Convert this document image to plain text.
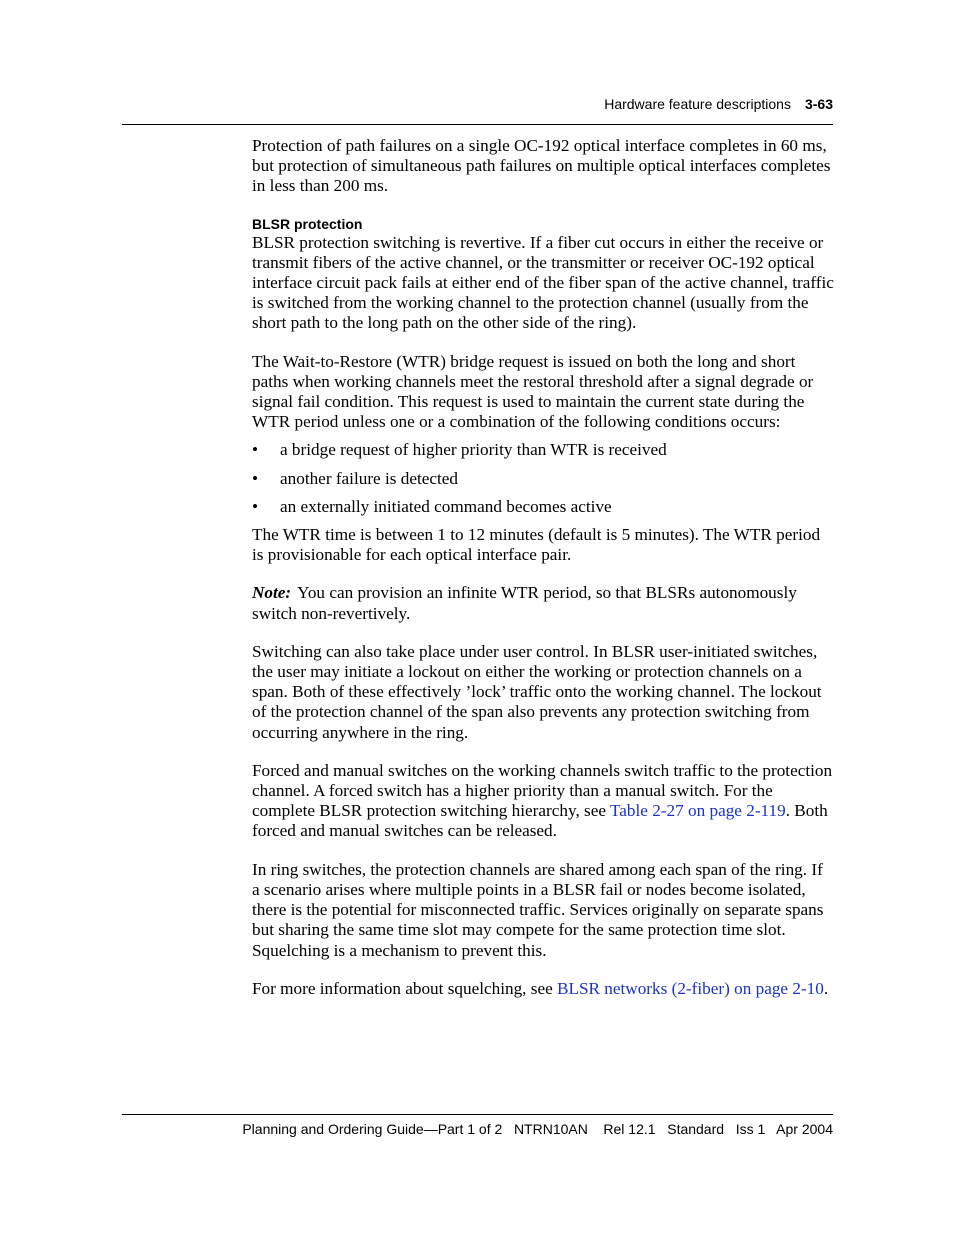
Hardware feature descriptions 3-63

Protection of path failures on a single OC-192 optical interface completes in 60 ms, but protection of simultaneous path failures on multiple optical interfaces completes in less than 200 ms.

BLSR protection

BLSR protection switching is revertive. If a fiber cut occurs in either the receive or transmit fibers of the active channel, or the transmitter or receiver OC-192 optical interface circuit pack fails at either end of the fiber span of the active channel, traffic is switched from the working channel to the protection channel (usually from the short path to the long path on the other side of the ring).

The Wait-to-Restore (WTR) bridge request is issued on both the long and short paths when working channels meet the restoral threshold after a signal degrade or signal fail condition. This request is used to maintain the current state during the WTR period unless one or a combination of the following conditions occurs:

• a bridge request of higher priority than WTR is received
• another failure is detected
• an externally initiated command becomes active

The WTR time is between 1 to 12 minutes (default is 5 minutes). The WTR period is provisionable for each optical interface pair.

Note: You can provision an infinite WTR period, so that BLSRs autonomously switch non-revertively.

Switching can also take place under user control. In BLSR user-initiated switches, the user may initiate a lockout on either the working or protection channels on a span. Both of these effectively ’lock’ traffic onto the working channel. The lockout of the protection channel of the span also prevents any protection switching from occurring anywhere in the ring.

Forced and manual switches on the working channels switch traffic to the protection channel. A forced switch has a higher priority than a manual switch. For the complete BLSR protection switching hierarchy, see Table 2-27 on page 2-119. Both forced and manual switches can be released.

In ring switches, the protection channels are shared among each span of the ring. If a scenario arises where multiple points in a BLSR fail or nodes become isolated, there is the potential for misconnected traffic. Services originally on separate spans but sharing the same time slot may compete for the same protection time slot. Squelching is a mechanism to prevent this.

For more information about squelching, see BLSR networks (2-fiber) on page 2-10.

Planning and Ordering Guide—Part 1 of 2   NTRN10AN    Rel 12.1   Standard   Iss 1   Apr 2004
